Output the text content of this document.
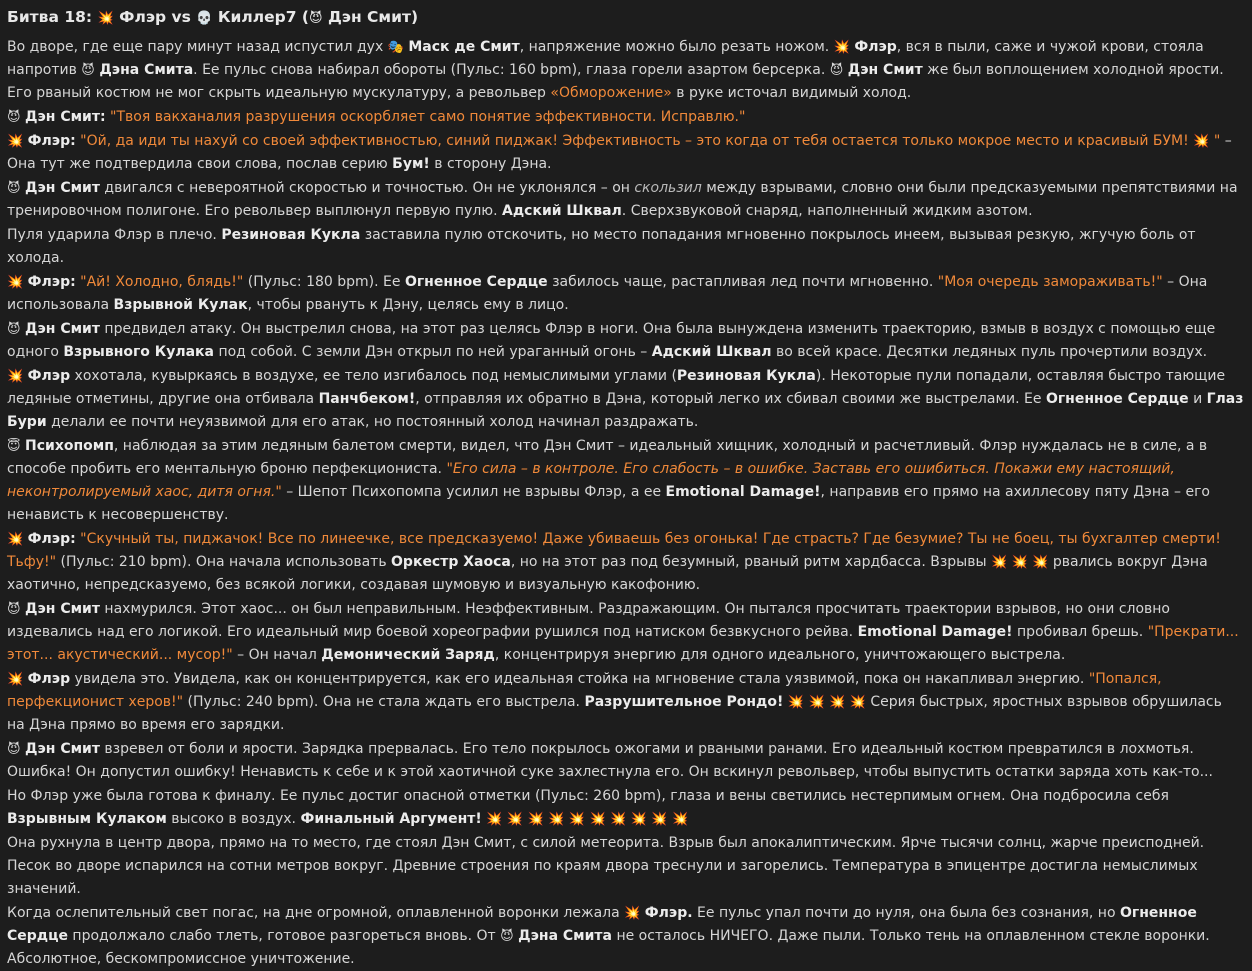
Битва 18: 💥 Флэр vs 💀 Киллер7 (😈 Дэн Смит)

Во дворе, где еще пару минут назад испустил дух 🎭 Маск де Смит, напряжение можно было резать ножом. 💥 Флэр, вся в пыли, саже и чужой крови, стояла напротив 😈 Дэна Смита. Ее пульс снова набирал обороты (Пульс: 160 bpm), глаза горели азартом берсерка. 😈 Дэн Смит же был воплощением холодной ярости. Его рваный костюм не мог скрыть идеальную мускулатуру, а револьвер «Обморожение» в руке источал видимый холод.

😈 Дэн Смит: "Твоя вакханалия разрушения оскорбляет само понятие эффективности. Исправлю."

💥 Флэр: "Ой, да иди ты нахуй со своей эффективностью, синий пиджак! Эффективность – это когда от тебя остается только мокрое место и красивый БУМ! 💥 " – Она тут же подтвердила свои слова, послав серию Бум! в сторону Дэна.

😈 Дэн Смит двигался с невероятной скоростью и точностью. Он не уклонялся – он скользил между взрывами, словно они были предсказуемыми препятствиями на тренировочном полигоне. Его револьвер выплюнул первую пулю. Адский Шквал. Сверхзвуковой снаряд, наполненный жидким азотом.

Пуля ударила Флэр в плечо. Резиновая Кукла заставила пулю отскочить, но место попадания мгновенно покрылось инеем, вызывая резкую, жгучую боль от холода.

💥 Флэр: "Ай! Холодно, блядь!" (Пульс: 180 bpm). Ее Огненное Сердце забилось чаще, растапливая лед почти мгновенно. "Моя очередь замораживать!" – Она использовала Взрывной Кулак, чтобы рвануть к Дэну, целясь ему в лицо.

😈 Дэн Смит предвидел атаку. Он выстрелил снова, на этот раз целясь Флэр в ноги. Она была вынуждена изменить траекторию, взмыв в воздух с помощью еще одного Взрывного Кулака под собой. С земли Дэн открыл по ней ураганный огонь – Адский Шквал во всей красе. Десятки ледяных пуль прочертили воздух.

💥 Флэр хохотала, кувыркаясь в воздухе, ее тело изгибалось под немыслимыми углами (Резиновая Кукла). Некоторые пули попадали, оставляя быстро тающие ледяные отметины, другие она отбивала Панчбеком!, отправляя их обратно в Дэна, который легко их сбивал своими же выстрелами. Ее Огненное Сердце и Глаз Бури делали ее почти неуязвимой для его атак, но постоянный холод начинал раздражать.

😇 Психопомп, наблюдая за этим ледяным балетом смерти, видел, что Дэн Смит – идеальный хищник, холодный и расчетливый. Флэр нуждалась не в силе, а в способе пробить его ментальную броню перфекциониста. "Его сила – в контроле. Его слабость – в ошибке. Заставь его ошибиться. Покажи ему настоящий, неконтролируемый хаос, дитя огня." – Шепот Психопомпа усилил не взрывы Флэр, а ее Emotional Damage!, направив его прямо на ахиллесову пяту Дэна – его ненависть к несовершенству.

💥 Флэр: "Скучный ты, пиджачок! Все по линеечке, все предсказуемо! Даже убиваешь без огонька! Где страсть? Где безумие? Ты не боец, ты бухгалтер смерти! Тьфу!" (Пульс: 210 bpm). Она начала использовать Оркестр Хаоса, но на этот раз под безумный, рваный ритм хардбасса. Взрывы 💥 💥 💥 рвались вокруг Дэна хаотично, непредсказуемо, без всякой логики, создавая шумовую и визуальную какофонию.

😈 Дэн Смит нахмурился. Этот хаос... он был неправильным. Неэффективным. Раздражающим. Он пытался просчитать траектории взрывов, но они словно издевались над его логикой. Его идеальный мир боевой хореографии рушился под натиском безвкусного рейва. Emotional Damage! пробивал брешь. "Прекрати... этот... акустический... мусор!" – Он начал Демонический Заряд, концентрируя энергию для одного идеального, уничтожающего выстрела.

💥 Флэр увидела это. Увидела, как он концентрируется, как его идеальная стойка на мгновение стала уязвимой, пока он накапливал энергию. "Попался, перфекционист херов!" (Пульс: 240 bpm). Она не стала ждать его выстрела. Разрушительное Рондо! 💥 💥 💥 💥 Серия быстрых, яростных взрывов обрушилась на Дэна прямо во время его зарядки.

😈 Дэн Смит взревел от боли и ярости. Зарядка прервалась. Его тело покрылось ожогами и рваными ранами. Его идеальный костюм превратился в лохмотья. Ошибка! Он допустил ошибку! Ненависть к себе и к этой хаотичной суке захлестнула его. Он вскинул револьвер, чтобы выпустить остатки заряда хоть как-то...

Но Флэр уже была готова к финалу. Ее пульс достиг опасной отметки (Пульс: 260 bpm), глаза и вены светились нестерпимым огнем. Она подбросила себя Взрывным Кулаком высоко в воздух. Финальный Аргумент! 💥 💥 💥 💥 💥 💥 💥 💥 💥 💥

Она рухнула в центр двора, прямо на то место, где стоял Дэн Смит, с силой метеорита. Взрыв был апокалиптическим. Ярче тысячи солнц, жарче преисподней. Песок во дворе испарился на сотни метров вокруг. Древние строения по краям двора треснули и загорелись. Температура в эпицентре достигла немыслимых значений.

Когда ослепительный свет погас, на дне огромной, оплавленной воронки лежала 💥 Флэр. Ее пульс упал почти до нуля, она была без сознания, но Огненное Сердце продолжало слабо тлеть, готовое разгореться вновь. От 😈 Дэна Смита не осталось НИЧЕГО. Даже пыли. Только тень на оплавленном стекле воронки. Абсолютное, бескомпромиссное уничтожение.
